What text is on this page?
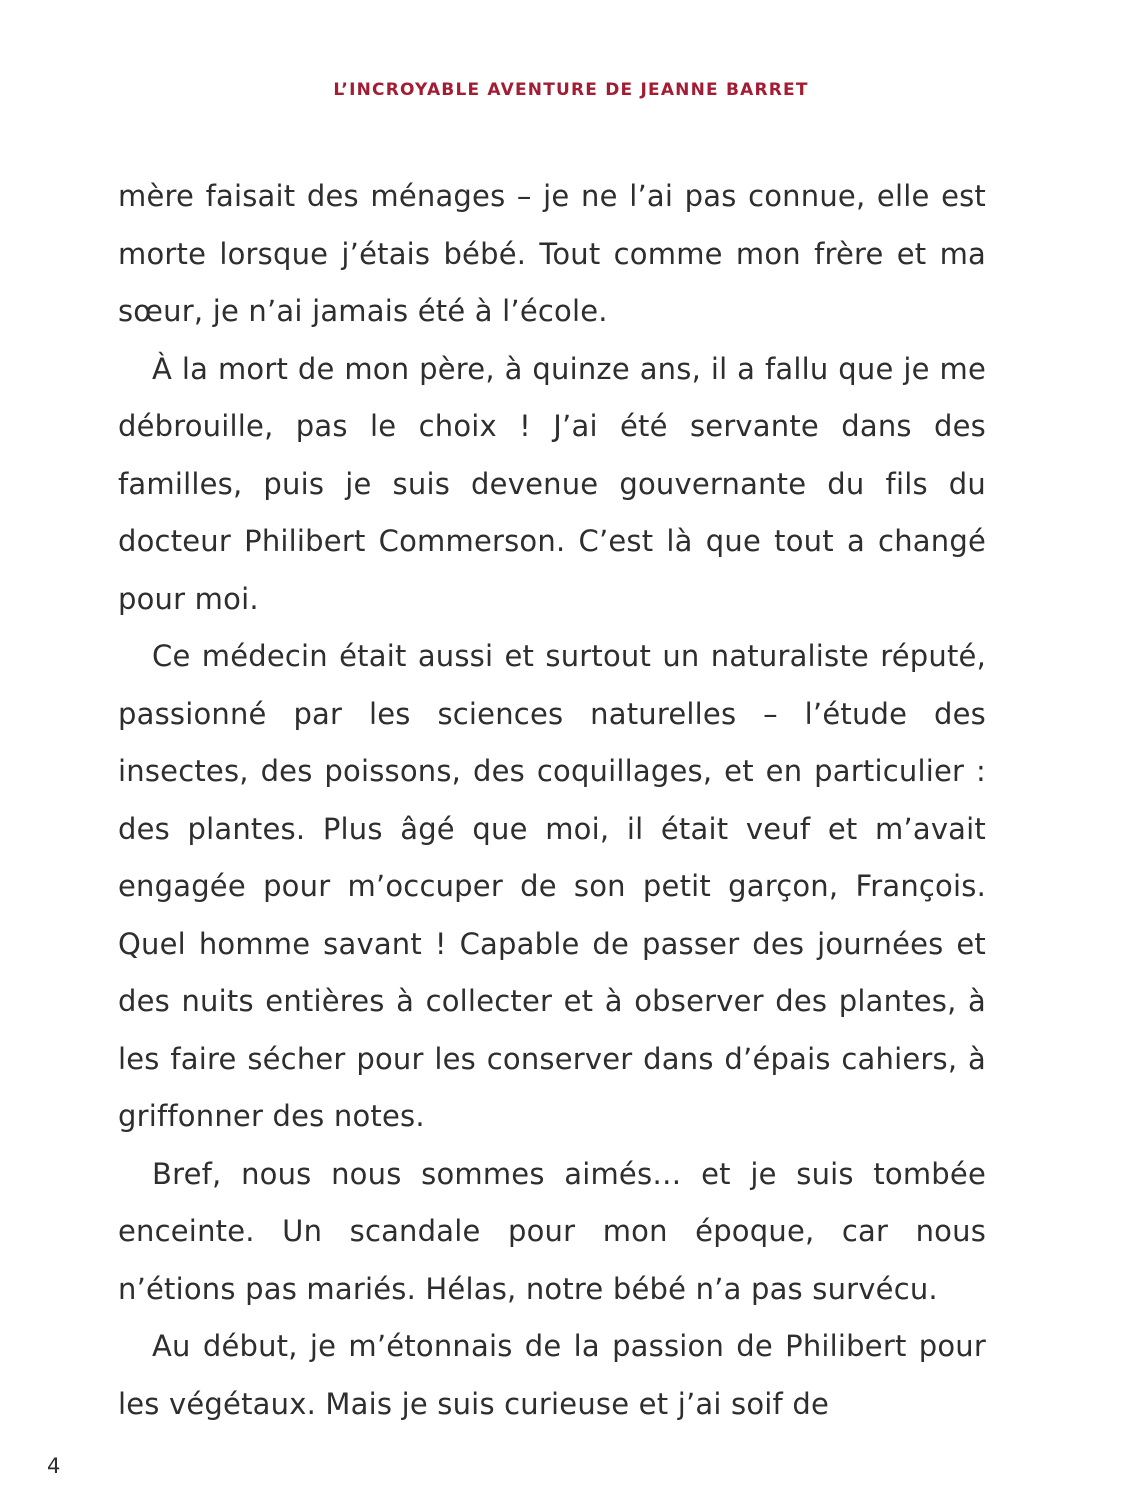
L’INCROYABLE AVENTURE DE JEANNE BARRET

mère faisait des ménages – je ne l’ai pas connue, elle est morte lorsque j’étais bébé. Tout comme mon frère et ma sœur, je n’ai jamais été à l’école.

À la mort de mon père, à quinze ans, il a fallu que je me débrouille, pas le choix ! J’ai été servante dans des familles, puis je suis devenue gouvernante du fils du docteur Philibert Commerson. C’est là que tout a changé pour moi.

Ce médecin était aussi et surtout un naturaliste réputé, passionné par les sciences naturelles – l’étude des insectes, des poissons, des coquillages, et en particulier : des plantes. Plus âgé que moi, il était veuf et m’avait engagée pour m’occuper de son petit garçon, François. Quel homme savant ! Capable de passer des journées et des nuits entières à collecter et à observer des plantes, à les faire sécher pour les conserver dans d’épais cahiers, à griffonner des notes.

Bref, nous nous sommes aimés… et je suis tombée enceinte. Un scandale pour mon époque, car nous n’étions pas mariés. Hélas, notre bébé n’a pas survécu.

Au début, je m’étonnais de la passion de Philibert pour les végétaux. Mais je suis curieuse et j’ai soif de

4
